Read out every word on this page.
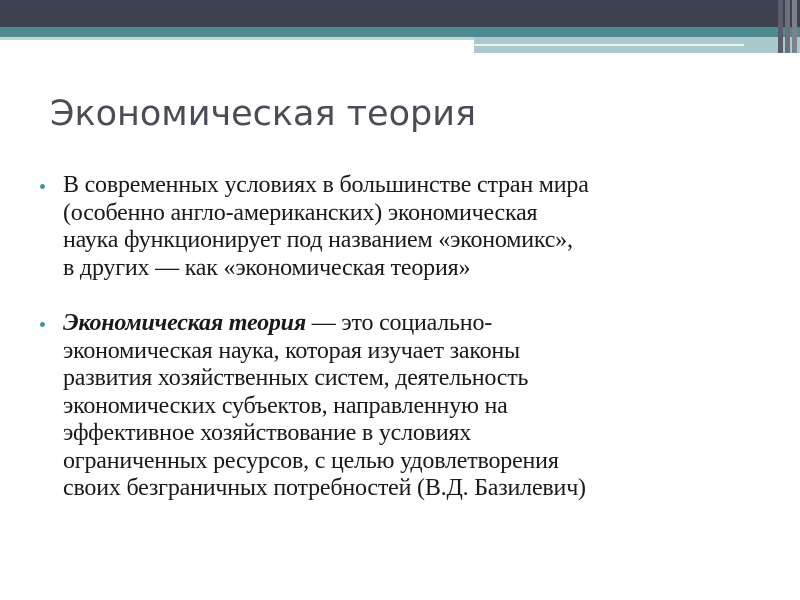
Экономическая теория
В современных условиях в большинстве стран мира
(особенно англо-американских) экономическая
наука функционирует под названием «экономикс»,
в других — как «экономическая теория»
Экономическая теория — это социально-
экономическая наука, которая изучает законы
развития хозяйственных систем, деятельность
экономических субъектов, направленную на
эффективное хозяйствование в условиях
ограниченных ресурсов, с целью удовлетворения
своих безграничных потребностей (В.Д. Базилевич)
